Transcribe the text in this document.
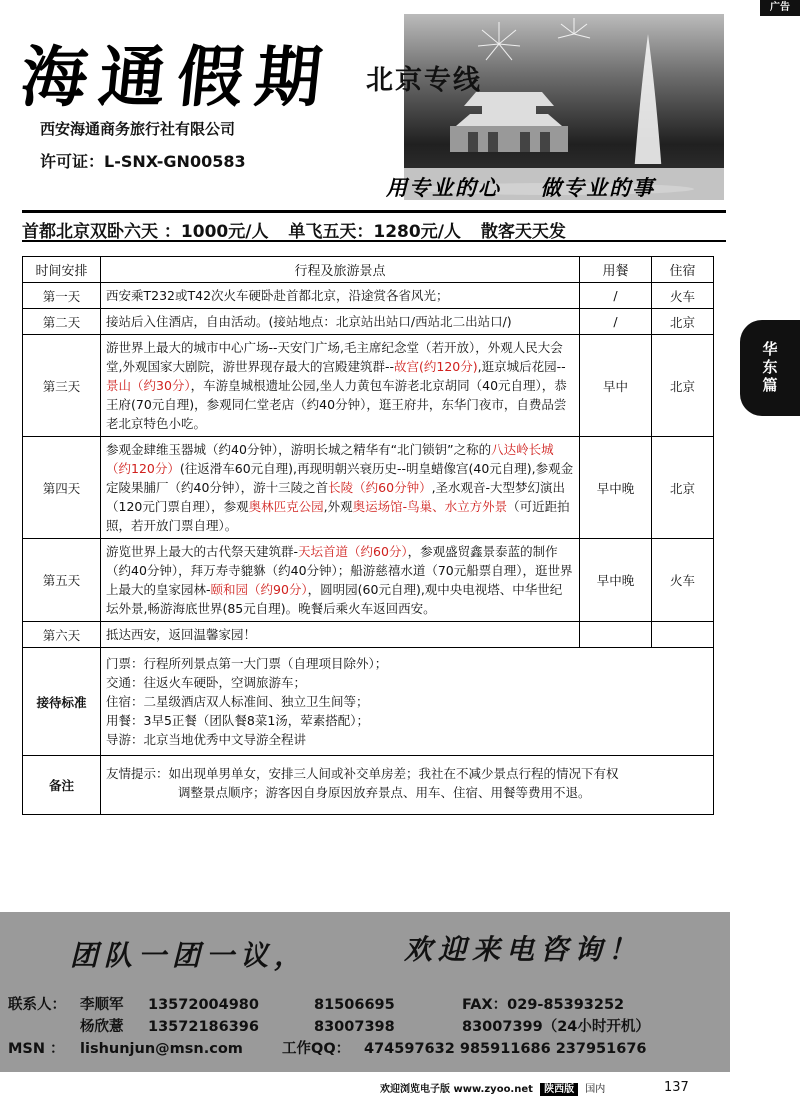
广告
海通假期 北京专线
西安海通商务旅行社有限公司
许可证：L-SNX-GN00583
用专业的心 做专业的事
首都北京双卧六天 ：1000元/人 单飞五天：1280元/人 散客天天发
华东篇
时间安排	行程及旅游景点	用餐	住宿
第一天	西安乘T232或T42次火车硬卧赴首都北京，沿途赏各省风光；	/	火车
第二天	接站后入住酒店，自由活动。(接站地点：北京站出站口/西站北二出站口/)	/	北京
第三天	游世界上最大的城市中心广场--天安门广场,毛主席纪念堂（若开放），外观人民大会堂,外观国家大剧院，游世界现存最大的宫殿建筑群--故宫(约120分),逛京城后花园--景山（约30分），车游皇城根遗址公园,坐人力黄包车游老北京胡同（40元自理），恭王府(70元自理)，参观同仁堂老店（约40分钟），逛王府井，东华门夜市，自费品尝老北京特色小吃。	早中	北京
第四天	参观金肆维玉器城（约40分钟），游明长城之精华有“北门锁钥”之称的八达岭长城（约120分）(往返滑车60元自理),再现明朝兴衰历史--明皇蜡像宫(40元自理),参观金定陵果脯厂（约40分钟），游十三陵之首长陵（约60分钟）,圣水观音-大型梦幻演出（120元门票自理），参观奥林匹克公园,外观奥运场馆-鸟巢、水立方外景（可近距拍照，若开放门票自理）。	早中晚	北京
第五天	游览世界上最大的古代祭天建筑群-天坛首道（约60分），参观盛贸鑫景泰蓝的制作（约40分钟），拜万寿寺貔貅（约40分钟）；船游慈禧水道（70元船票自理），逛世界上最大的皇家园林-颐和园（约90分），圆明园(60元自理),观中央电视塔、中华世纪坛外景,畅游海底世界(85元自理)。晚餐后乘火车返回西安。	早中晚	火车
第六天	抵达西安，返回温馨家园！		
接待标准	门票：行程所列景点第一大门票（自理项目除外）；
交通：往返火车硬卧，空调旅游车；
住宿：二星级酒店双人标准间、独立卫生间等；
用餐：3早5正餐（团队餐8菜1汤，荤素搭配）；
导游：北京当地优秀中文导游全程讲		

备注	友情提示：如出现单男单女，安排三人间或补交单房差；我社在不减少景点行程的情况下有权
调整景点顺序；游客因自身原因放弃景点、用车、住宿、用餐等费用不退。		
团队一团一议，	欢迎来电咨询！
联系人： 李顺军 13572004980	81506695	FAX：029-85393252
杨欣薏 13572186396	83007398	83007399（24小时开机）
MSN ： lishunjun@msn.com	工作QQ： 474597632 985911686 237951676
欢迎浏览电子版 www.zyoo.net 陕西版 国内	137
